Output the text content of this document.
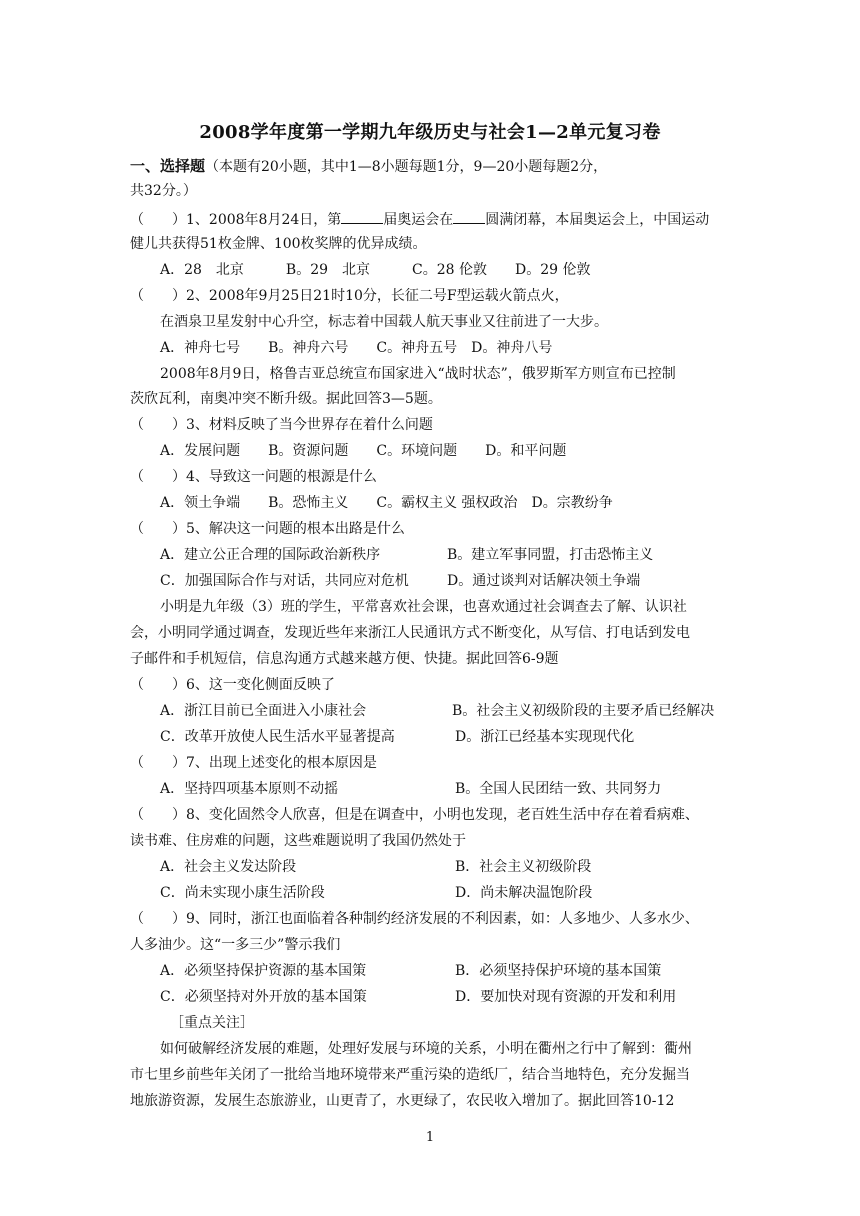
2008学年度第一学期九年级历史与社会1—2单元复习卷
一、选择题（本题有20小题，其中1—8小题每题1分，9—20小题每题2分，
共32分。）
（　　）1、2008年8月24日，第	届奥运会在 圆满闭幕，本届奥运会上，中国运动
健儿共获得51枚金牌、100枚奖牌的优异成绩。
A．28　北京　　　B。29　北京　　　C。28 伦敦　　D。29 伦敦
（　　）2、2008年9月25日21时10分，长征二号F型运载火箭点火，
在酒泉卫星发射中心升空，标志着中国载人航天事业又往前进了一大步。
A．神舟七号　　B。神舟六号　　C。神舟五号　D。神舟八号
2008年8月9日，格鲁吉亚总统宣布国家进入“战时状态”，俄罗斯军方则宣布已控制
茨欣瓦利，南奥冲突不断升级。据此回答3—5题。
（　　）3、材料反映了当今世界存在着什么问题
A．发展问题　　B。资源问题　　C。环境问题　　D。和平问题
（　　）4、导致这一问题的根源是什么
A．领土争端　　B。恐怖主义　　C。霸权主义 强权政治　D。宗教纷争
（　　）5、解决这一问题的根本出路是什么
A．建立公正合理的国际政治新秩序	B。建立军事同盟，打击恐怖主义
C．加强国际合作与对话，共同应对危机	D。通过谈判对话解决领土争端
小明是九年级（3）班的学生，平常喜欢社会课，也喜欢通过社会调查去了解、认识社
会，小明同学通过调查，发现近些年来浙江人民通讯方式不断变化，从写信、打电话到发电
子邮件和手机短信，信息沟通方式越来越方便、快捷。据此回答6-9题
（　　）6、这一变化侧面反映了
A．浙江目前已全面进入小康社会	B。社会主义初级阶段的主要矛盾已经解决
C．改革开放使人民生活水平显著提高	D。浙江已经基本实现现代化
（　　）7、出现上述变化的根本原因是
A．坚持四项基本原则不动摇	B。全国人民团结一致、共同努力
（　　）8、变化固然令人欣喜，但是在调查中，小明也发现，老百姓生活中存在着看病难、
读书难、住房难的问题，这些难题说明了我国仍然处于
A．社会主义发达阶段	B．社会主义初级阶段
C．尚未实现小康生活阶段	D．尚未解决温饱阶段
（　　）9、同时，浙江也面临着各种制约经济发展的不利因素，如：人多地少、人多水少、
人多油少。这“一多三少”警示我们
A．必须坚持保护资源的基本国策	B．必须坚持保护环境的基本国策
C．必须坚持对外开放的基本国策	D．要加快对现有资源的开发和利用
［重点关注］
如何破解经济发展的难题，处理好发展与环境的关系，小明在衢州之行中了解到：衢州
市七里乡前些年关闭了一批给当地环境带来严重污染的造纸厂，结合当地特色，充分发掘当
地旅游资源，发展生态旅游业，山更青了，水更绿了，农民收入增加了。据此回答10-12
1
